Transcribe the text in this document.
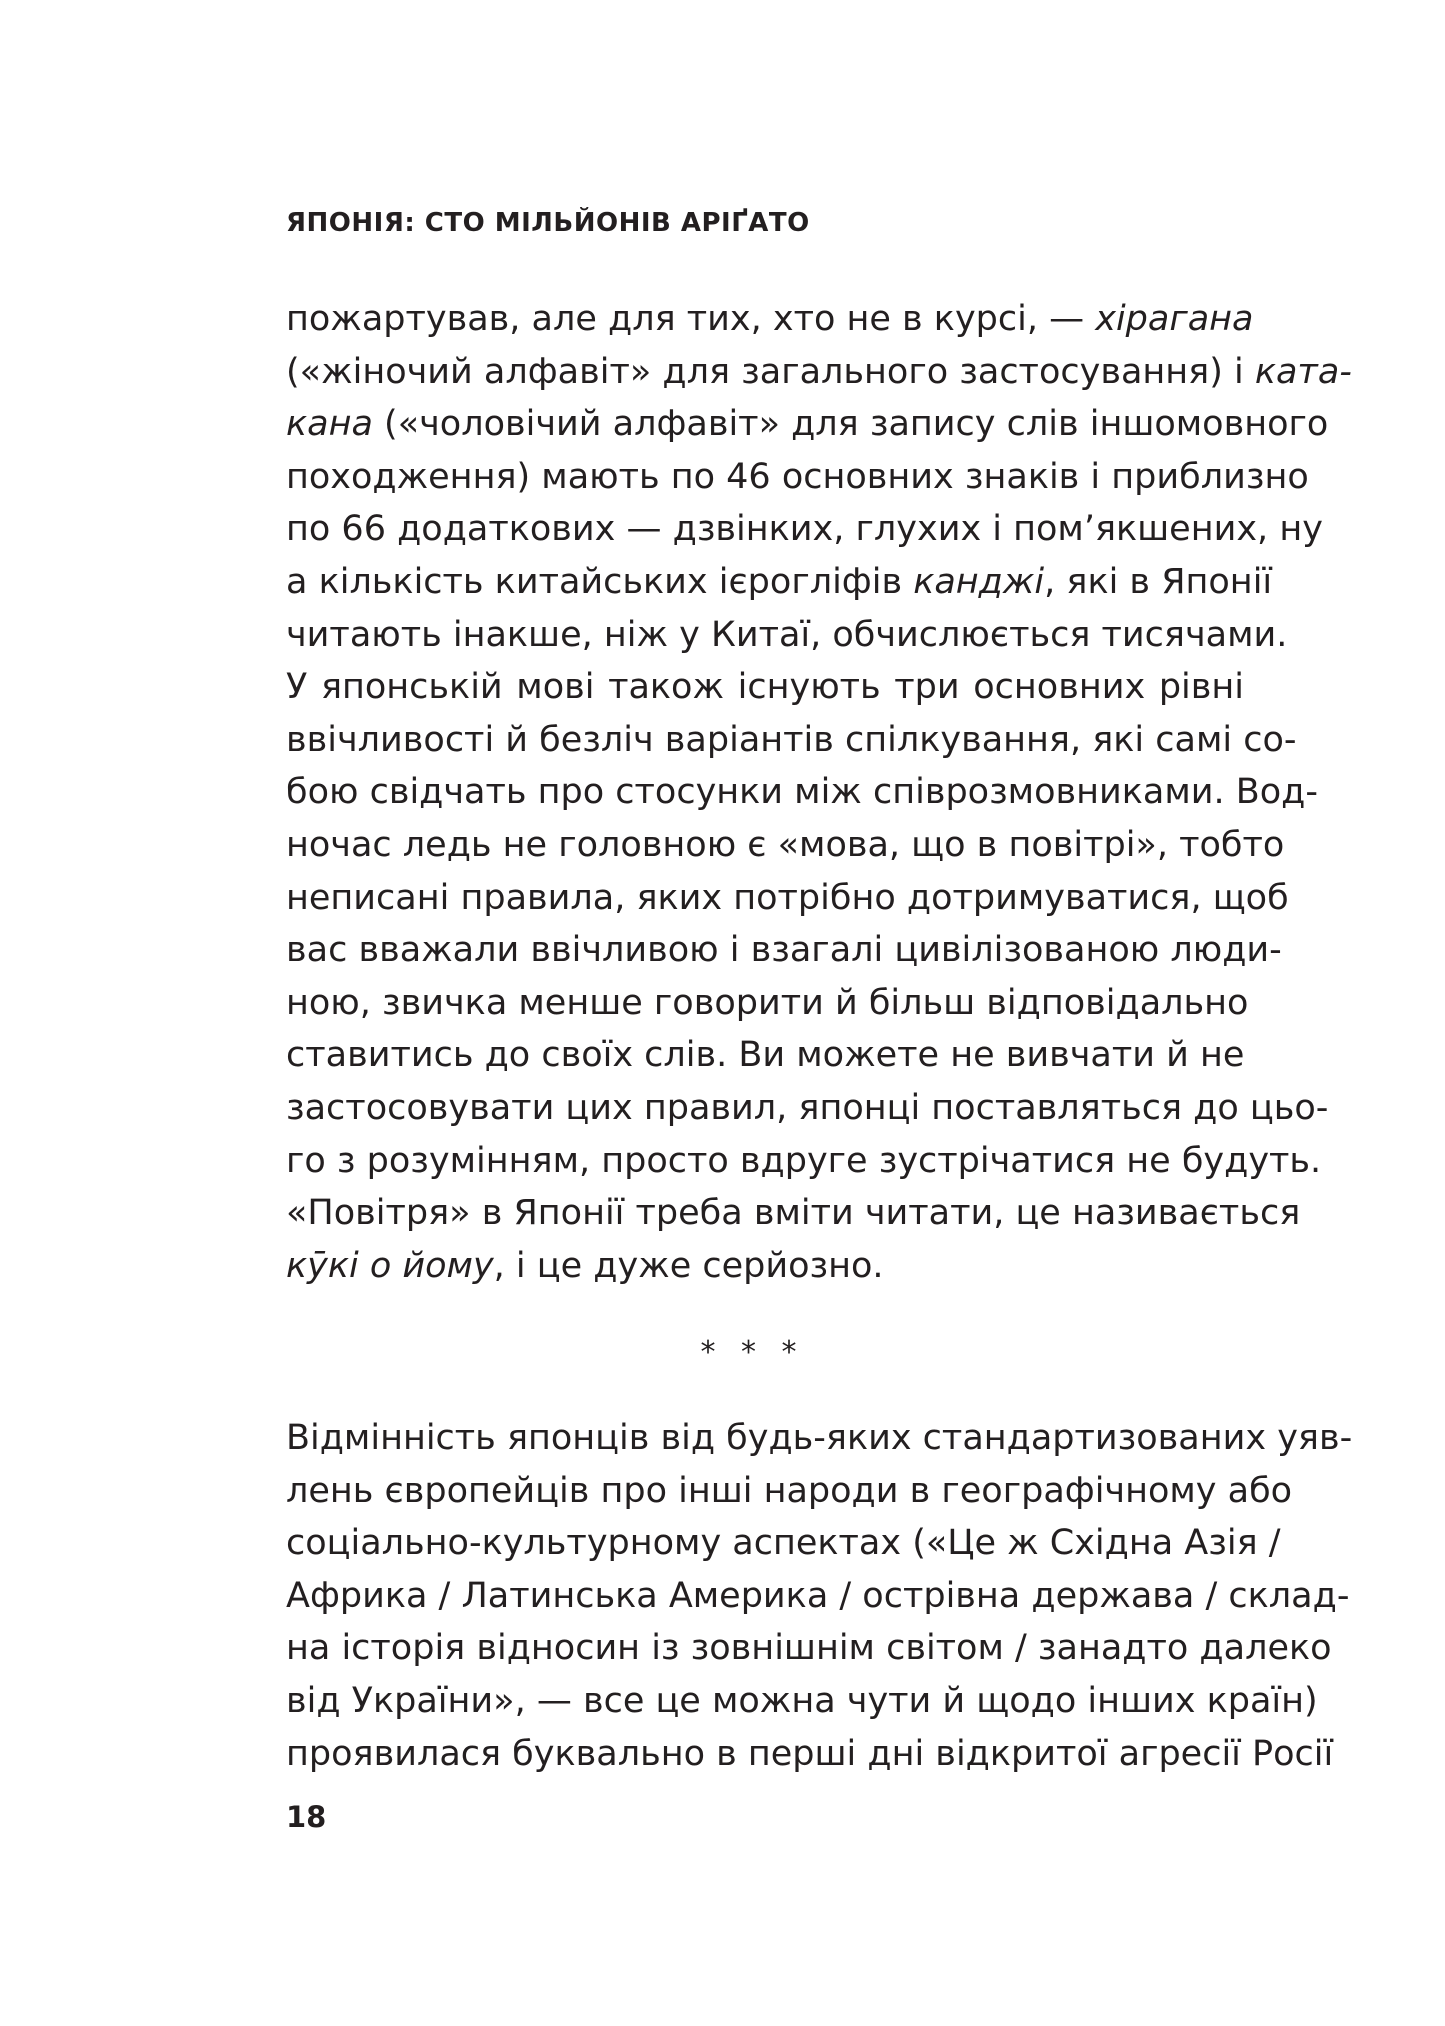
ЯПОНІЯ: СТО МІЛЬЙОНІВ АРІҐАТО

пожартував, але для тих, хто не в курсі, — хірагана
(«жіночий алфавіт» для загального застосування) і ката-
кана («чоловічий алфавіт» для запису слів іншомовного
походження) мають по 46 основних знаків і приблизно
по 66 додаткових — дзвінких, глухих і пом’якшених, ну
а кількість китайських ієрогліфів канджі, які в Японії
читають інакше, ніж у Китаї, обчислюється тисячами.
У японській мові також існують три основних рівні
ввічливості й безліч варіантів спілкування, які самі со-
бою свідчать про стосунки між співрозмовниками. Вод-
ночас ледь не головною є «мова, що в повітрі», тобто
неписані правила, яких потрібно дотримуватися, щоб
вас вважали ввічливою і взагалі цивілізованою люди-
ною, звичка менше говорити й більш відповідально
ставитись до своїх слів. Ви можете не вивчати й не
застосовувати цих правил, японці поставляться до цьо-
го з розумінням, просто вдруге зустрічатися не будуть.
«Повітря» в Японії треба вміти читати, це називається
кӯкі о йому, і це дуже серйозно.

* * *

Відмінність японців від будь-яких стандартизованих уяв-
лень європейців про інші народи в географічному або
соціально-культурному аспектах («Це ж Східна Азія /
Африка / Латинська Америка / острівна держава / склад-
на історія відносин із зовнішнім світом / занадто далеко
від України», — все це можна чути й щодо інших країн)
проявилася буквально в перші дні відкритої агресії Росії

18
